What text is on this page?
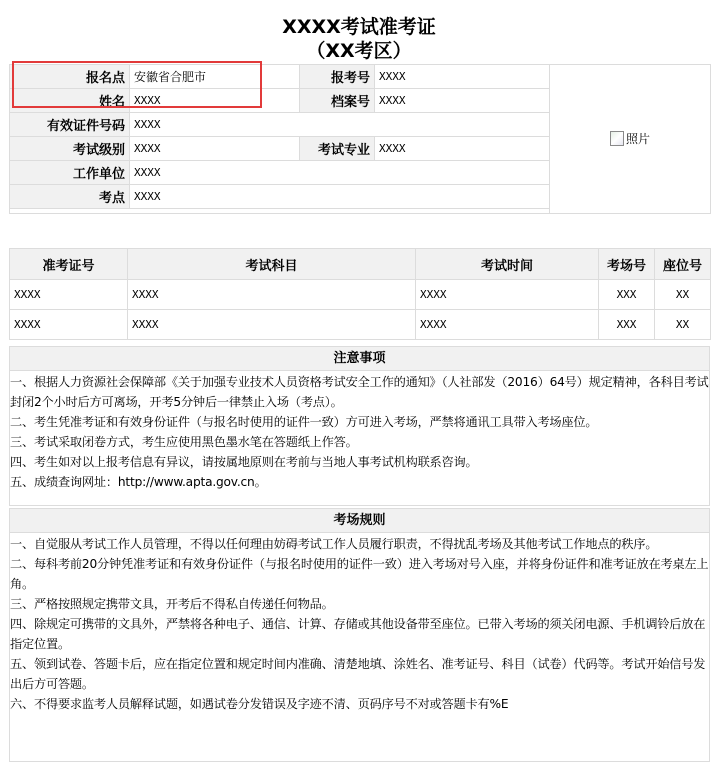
XXXX考试准考证
（XX考区）
报名点	安徽省合肥市	报考号	XXXX	照片

姓名	XXXX	档案号	XXXX	
有效证件号码	XXXX			
考试级别	XXXX	考试专业	XXXX	
工作单位	XXXX			
考点	XXXX			

准考证号	考试科目	考试时间	考场号	座位号
XXXX	XXXX	XXXX	XXX	XX
XXXX	XXXX	XXXX	XXX	XX
注意事项

一、根据人力资源社会保障部《关于加强专业技术人员资格考试安全工作的通知》（人社部发（2016）64号）规定精神，各科目考试封闭2个小时后方可离场，开考5分钟后一律禁止入场（考点）。

二、考生凭准考证和有效身份证件（与报名时使用的证件一致）方可进入考场，严禁将通讯工具带入考场座位。

三、考试采取闭卷方式，考生应使用黑色墨水笔在答题纸上作答。

四、考生如对以上报考信息有异议，请按属地原则在考前与当地人事考试机构联系咨询。

五、成绩查询网址：http://www.apta.gov.cn。

考场规则

一、自觉服从考试工作人员管理，不得以任何理由妨碍考试工作人员履行职责，不得扰乱考场及其他考试工作地点的秩序。

二、每科考前20分钟凭准考证和有效身份证件（与报名时使用的证件一致）进入考场对号入座，并将身份证件和准考证放在考桌左上角。

三、严格按照规定携带文具，开考后不得私自传递任何物品。

四、除规定可携带的文具外，严禁将各种电子、通信、计算、存储或其他设备带至座位。已带入考场的须关闭电源、手机调铃后放在指定位置。

五、领到试卷、答题卡后，应在指定位置和规定时间内准确、清楚地填、涂姓名、准考证号、科目（试卷）代码等。考试开始信号发出后方可答题。

六、不得要求监考人员解释试题，如遇试卷分发错误及字迹不清、页码序号不对或答题卡有%E
